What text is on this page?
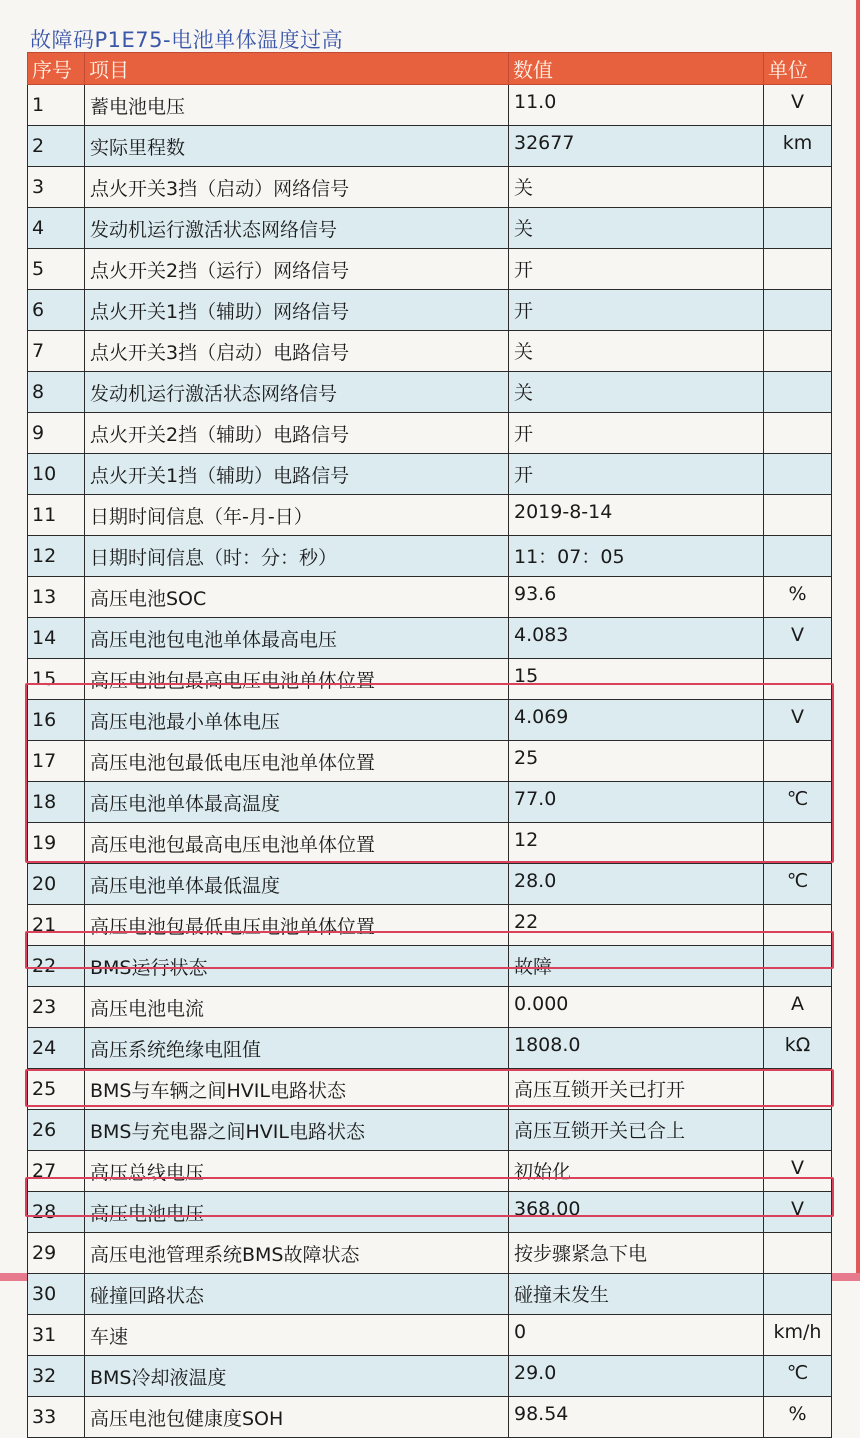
故障码P1E75-电池单体温度过高
序号	项目	数值	单位
1	蓄电池电压	11.0	V
2	实际里程数	32677	km
3	点火开关3挡（启动）网络信号	关	
4	发动机运行激活状态网络信号	关	
5	点火开关2挡（运行）网络信号	开	
6	点火开关1挡（辅助）网络信号	开	
7	点火开关3挡（启动）电路信号	关	
8	发动机运行激活状态网络信号	关	
9	点火开关2挡（辅助）电路信号	开	
10	点火开关1挡（辅助）电路信号	开	
11	日期时间信息（年-月-日）	2019-8-14	
12	日期时间信息（时：分：秒）	11：07：05	
13	高压电池SOC	93.6	%
14	高压电池包电池单体最高电压	4.083	V
15	高压电池包最高电压电池单体位置	15	
16	高压电池最小单体电压	4.069	V
17	高压电池包最低电压电池单体位置	25	
18	高压电池单体最高温度	77.0	℃
19	高压电池包最高电压电池单体位置	12	
20	高压电池单体最低温度	28.0	℃
21	高压电池包最低电压电池单体位置	22	
22	BMS运行状态	故障	
23	高压电池电流	0.000	A
24	高压系统绝缘电阻值	1808.0	kΩ
25	BMS与车辆之间HVIL电路状态	高压互锁开关已打开	
26	BMS与充电器之间HVIL电路状态	高压互锁开关已合上	
27	高压总线电压	初始化	V
28	高压电池电压	368.00	V
29	高压电池管理系统BMS故障状态	按步骤紧急下电	
30	碰撞回路状态	碰撞未发生	
31	车速	0	km/h
32	BMS冷却液温度	29.0	℃
33	高压电池包健康度SOH	98.54	%
